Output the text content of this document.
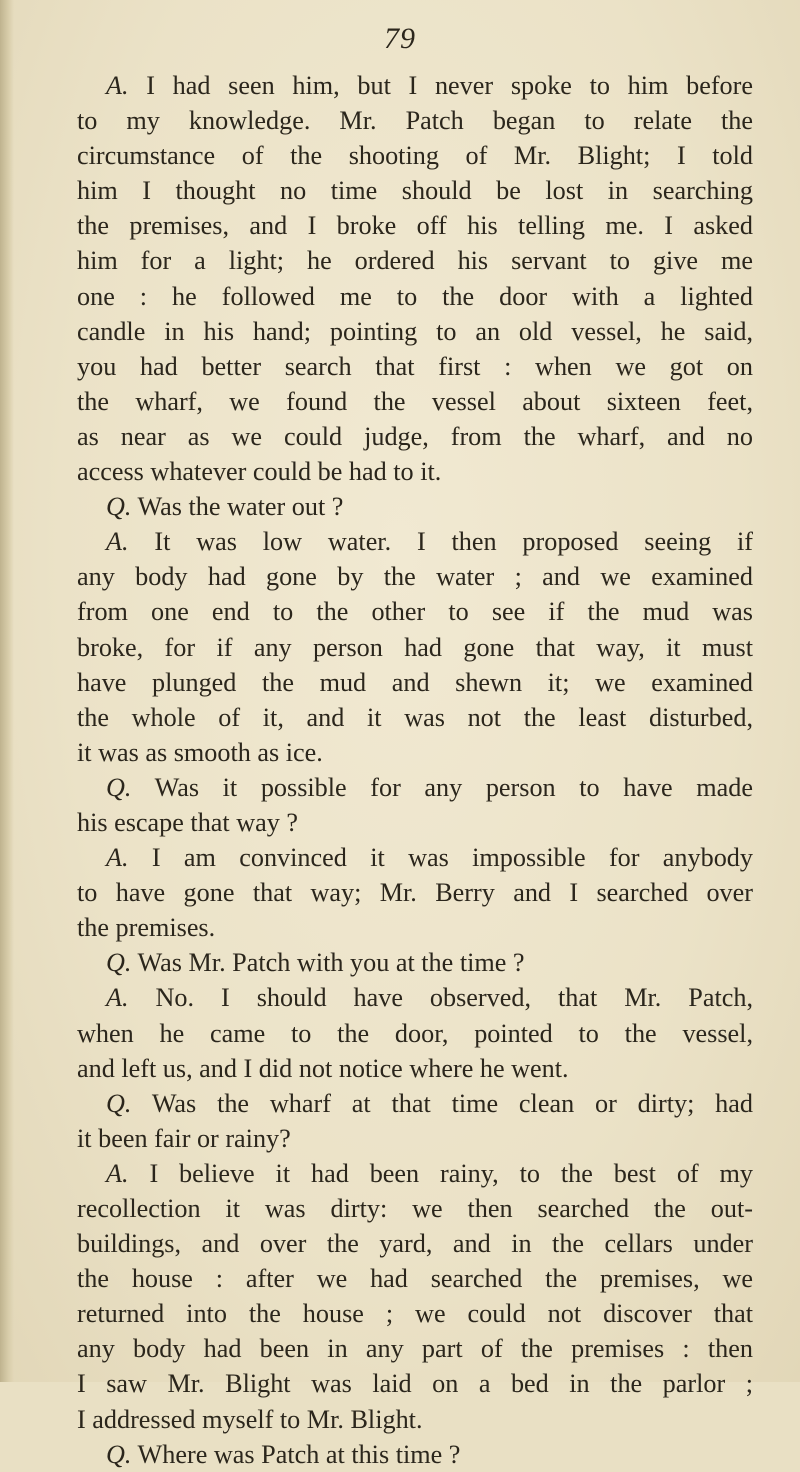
79

A. I had seen him, but I never spoke to him before

to my knowledge. Mr. Patch began to relate the

circumstance of the shooting of Mr. Blight; I told

him I thought no time should be lost in searching

the premises, and I broke off his telling me. I asked

him for a light; he ordered his servant to give me

one : he followed me to the door with a lighted

candle in his hand; pointing to an old vessel, he said,

you had better search that first : when we got on

the wharf, we found the vessel about sixteen feet,

as near as we could judge, from the wharf, and no

access whatever could be had to it.

Q. Was the water out ?

A. It was low water. I then proposed seeing if

any body had gone by the water ; and we examined

from one end to the other to see if the mud was

broke, for if any person had gone that way, it must

have plunged the mud and shewn it; we examined

the whole of it, and it was not the least disturbed,

it was as smooth as ice.

Q. Was it possible for any person to have made

his escape that way ?

A. I am convinced it was impossible for anybody

to have gone that way; Mr. Berry and I searched over

the premises.

Q. Was Mr. Patch with you at the time ?

A. No. I should have observed, that Mr. Patch,

when he came to the door, pointed to the vessel,

and left us, and I did not notice where he went.

Q. Was the wharf at that time clean or dirty; had

it been fair or rainy?

A. I believe it had been rainy, to the best of my

recollection it was dirty: we then searched the out-

buildings, and over the yard, and in the cellars under

the house : after we had searched the premises, we

returned into the house ; we could not discover that

any body had been in any part of the premises : then

I saw Mr. Blight was laid on a bed in the parlor ;

I addressed myself to Mr. Blight.

Q. Where was Patch at this time ?
